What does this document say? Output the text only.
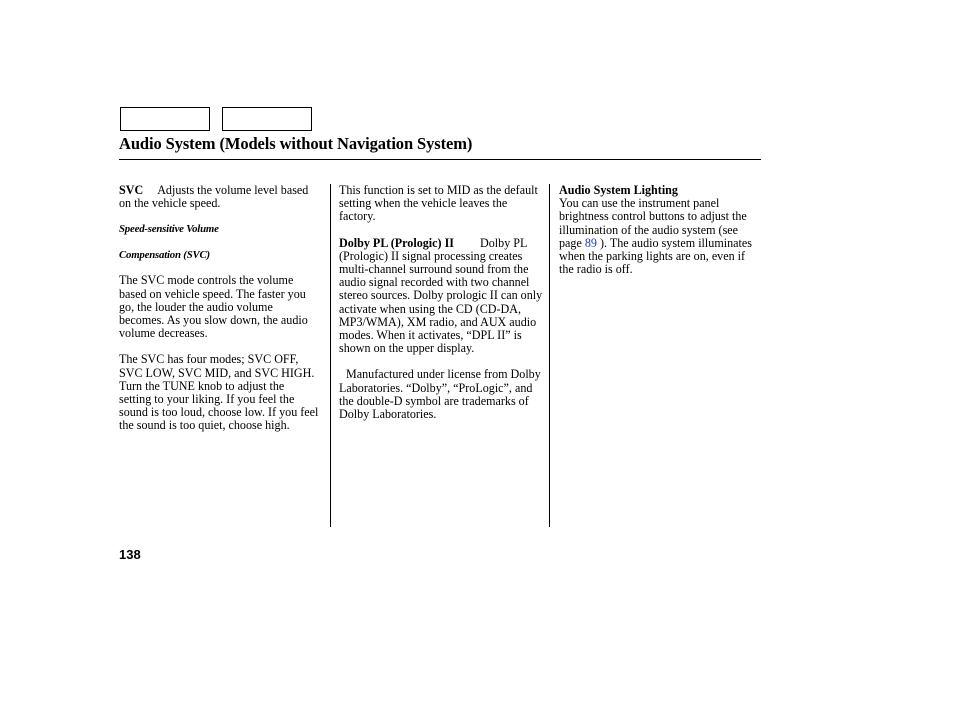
Audio System (Models without Navigation System)

SVC Adjusts the volume level based on the vehicle speed.

Speed-sensitive Volume

Compensation (SVC)

The SVC mode controls the volume based on vehicle speed. The faster you go, the louder the audio volume becomes. As you slow down, the audio volume decreases.

The SVC has four modes; SVC OFF, SVC LOW, SVC MID, and SVC HIGH. Turn the TUNE knob to adjust the setting to your liking. If you feel the sound is too loud, choose low. If you feel the sound is too quiet, choose high.

This function is set to MID as the default setting when the vehicle leaves the factory.

Dolby PL (Prologic) II Dolby PL (Prologic) II signal processing creates multi-channel surround sound from the audio signal recorded with two channel stereo sources. Dolby prologic II can only activate when using the CD (CD-DA, MP3/WMA), XM radio, and AUX audio modes. When it activates, “DPL II” is shown on the upper display.

Manufactured under license from Dolby Laboratories. “Dolby”, “ProLogic”, and the double-D symbol are trademarks of Dolby Laboratories.

Audio System Lighting

You can use the instrument panel brightness control buttons to adjust the illumination of the audio system (see page 89 ). The audio system illuminates when the parking lights are on, even if the radio is off.

138
